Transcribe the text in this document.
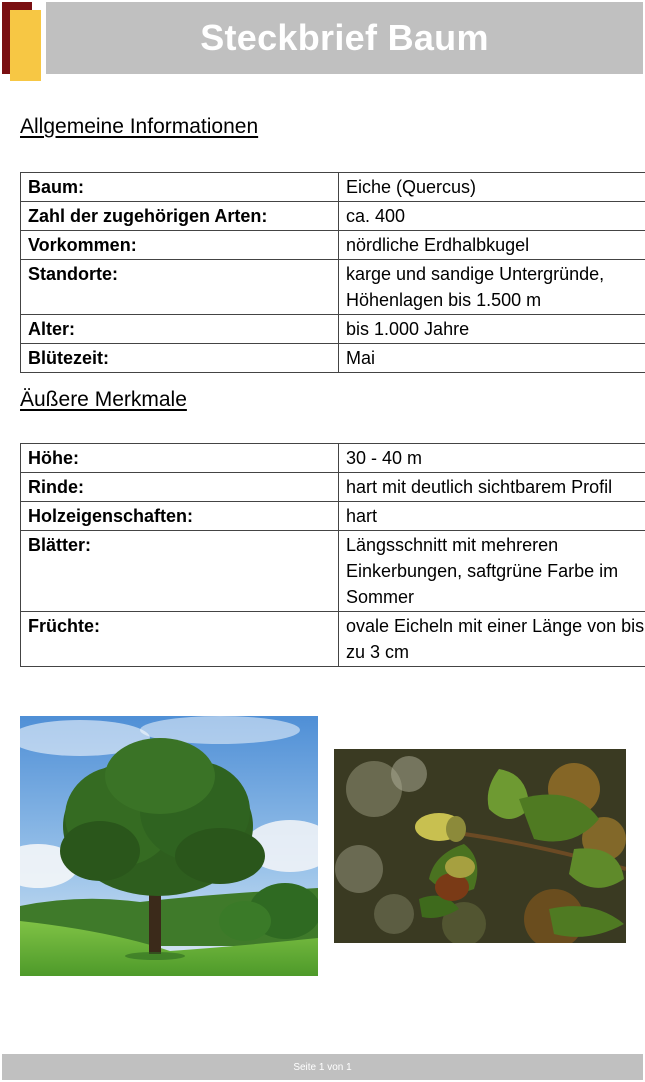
Steckbrief Baum
Allgemeine Informationen
Baum:	Eiche (Quercus)
Zahl der zugehörigen Arten:	ca. 400
Vorkommen:	nördliche Erdhalbkugel
Standorte:	karge und sandige Untergründe, Höhenlagen bis 1.500 m
Alter:	bis 1.000 Jahre
Blütezeit:	Mai
Äußere Merkmale
Höhe:	30 - 40 m
Rinde:	hart mit deutlich sichtbarem Profil
Holzeigenschaften:	hart
Blätter:	Längsschnitt mit mehreren Einkerbungen, saftgrüne Farbe im Sommer
Früchte:	ovale Eicheln mit einer Länge von bis zu 3 cm
Seite 1 von 1
